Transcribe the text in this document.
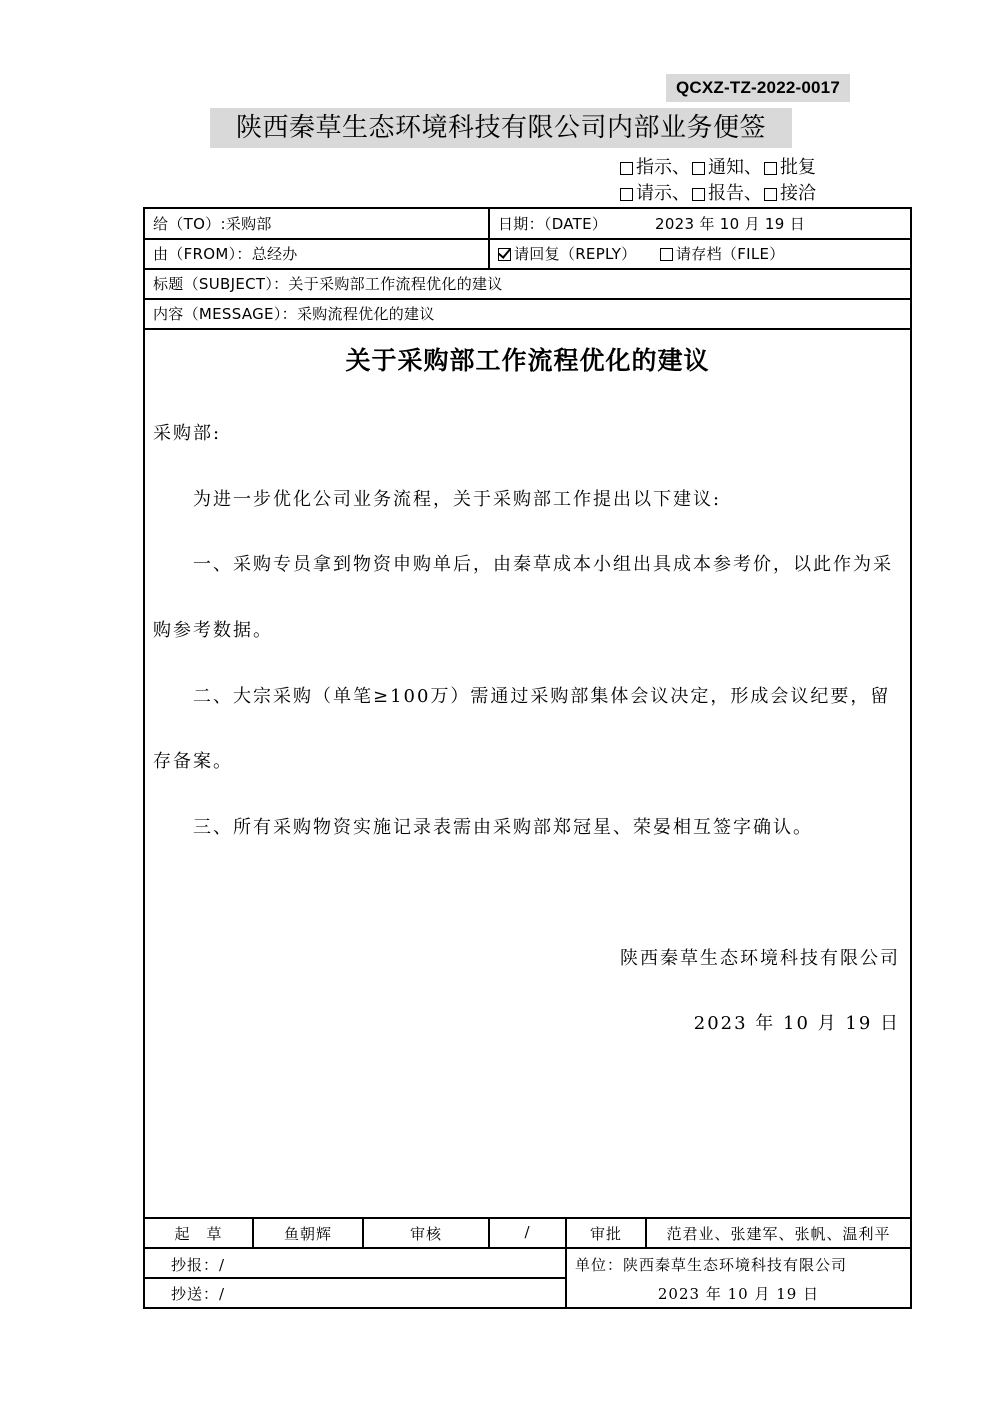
QCXZ-TZ-2022-0017
陕西秦草生态环境科技有限公司内部业务便签
指示 、 通知 、 批复
请示 、 报告 、 接洽
给（TO）:采购部	日期：（DATE）	2023 年 10 月 19 日
由（FROM）：总经办	请回复（REPLY）	请存档（FILE）
标题（SUBJECT）：关于采购部工作流程优化的建议
内容（MESSAGE）：采购流程优化的建议
关于采购部工作流程优化的建议
采购部:
为进一步优化公司业务流程，关于采购部工作提出以下建议:
一、采购专员拿到物资申购单后，由秦草成本小组出具成本参考价，以此作为采
购参考数据。
二、大宗采购（单笔≥100万）需通过采购部集体会议决定，形成会议纪要，留
存备案。
三、所有采购物资实施记录表需由采购部郑冠星、荣晏相互签字确认。
陕西秦草生态环境科技有限公司
2023 年 10 月 19 日
起　草	鱼朝辉	审核	/	审批	范君业、张建军、张帆、温利平
抄报：/	单位：陕西秦草生态环境科技有限公司
抄送：/	2023 年 10 月 19 日
